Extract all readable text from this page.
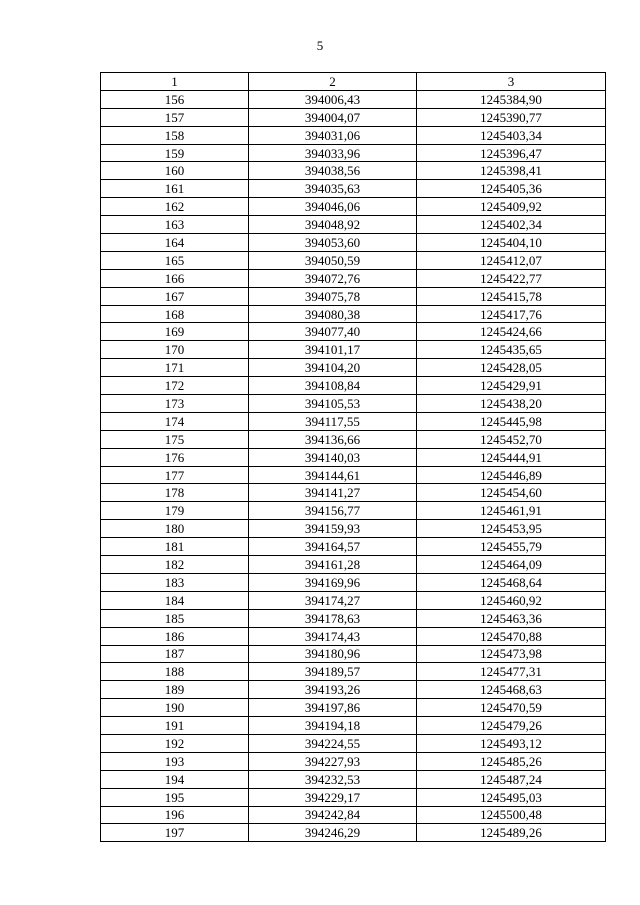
5
1	2	3
156	394006,43	1245384,90
157	394004,07	1245390,77
158	394031,06	1245403,34
159	394033,96	1245396,47
160	394038,56	1245398,41
161	394035,63	1245405,36
162	394046,06	1245409,92
163	394048,92	1245402,34
164	394053,60	1245404,10
165	394050,59	1245412,07
166	394072,76	1245422,77
167	394075,78	1245415,78
168	394080,38	1245417,76
169	394077,40	1245424,66
170	394101,17	1245435,65
171	394104,20	1245428,05
172	394108,84	1245429,91
173	394105,53	1245438,20
174	394117,55	1245445,98
175	394136,66	1245452,70
176	394140,03	1245444,91
177	394144,61	1245446,89
178	394141,27	1245454,60
179	394156,77	1245461,91
180	394159,93	1245453,95
181	394164,57	1245455,79
182	394161,28	1245464,09
183	394169,96	1245468,64
184	394174,27	1245460,92
185	394178,63	1245463,36
186	394174,43	1245470,88
187	394180,96	1245473,98
188	394189,57	1245477,31
189	394193,26	1245468,63
190	394197,86	1245470,59
191	394194,18	1245479,26
192	394224,55	1245493,12
193	394227,93	1245485,26
194	394232,53	1245487,24
195	394229,17	1245495,03
196	394242,84	1245500,48
197	394246,29	1245489,26
